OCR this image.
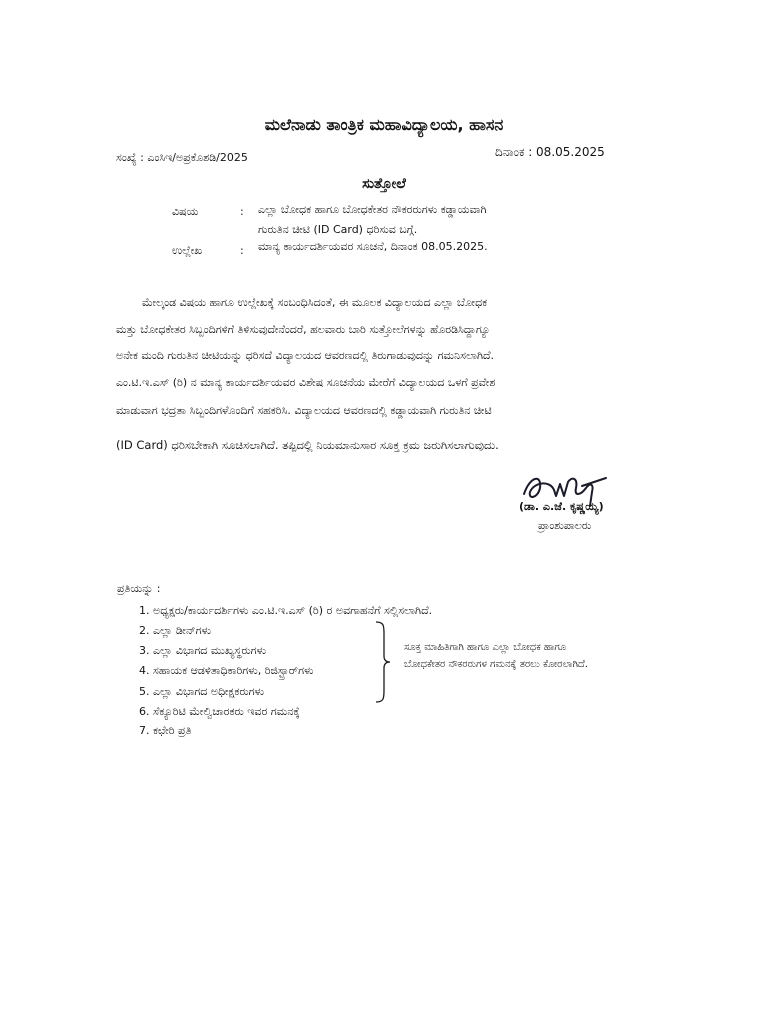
ಮಲೆನಾಡು ತಾಂತ್ರಿಕ ಮಹಾವಿದ್ಯಾಲಯ, ಹಾಸನ
ಸಂಖ್ಯೆ : ಎಂಸಿಇ/ಅಪ್ರಕೊಶಡಿ/2025	ದಿನಾಂಕ : 08.05.2025
ಸುತ್ತೋಲೆ
ವಿಷಯ	: ಎಲ್ಲಾ ಬೋಧಕ ಹಾಗೂ ಬೋಧಕೇತರ ನೌಕರರುಗಳು ಕಡ್ಡಾಯವಾಗಿ
ಗುರುತಿನ ಚೀಟಿ (ID Card) ಧರಿಸುವ ಬಗ್ಗೆ.
ಉಲ್ಲೇಖ	: ಮಾನ್ಯ ಕಾರ್ಯದರ್ಶಿಯವರ ಸೂಚನೆ, ದಿನಾಂಕ 08.05.2025.
ಮೇಲ್ಕಂಡ ವಿಷಯ ಹಾಗೂ ಉಲ್ಲೇಖಕ್ಕೆ ಸಂಬಂಧಿಸಿದಂತೆ, ಈ ಮೂಲಕ ವಿದ್ಯಾಲಯದ ಎಲ್ಲಾ ಬೋಧಕ
ಮತ್ತು ಬೋಧಕೇತರ ಸಿಬ್ಬಂದಿಗಳಿಗೆ ತಿಳಿಸುವುದೇನೆಂದರೆ, ಹಲವಾರು ಬಾರಿ ಸುತ್ತೋಲೆಗಳನ್ನು ಹೊರಡಿಸಿದ್ದಾಗ್ಯೂ
ಅನೇಕ ಮಂದಿ ಗುರುತಿನ ಚೀಟಿಯನ್ನು ಧರಿಸದೆ ವಿದ್ಯಾಲಯದ ಆವರಣದಲ್ಲಿ ತಿರುಗಾಡುವುದನ್ನು ಗಮನಿಸಲಾಗಿದೆ.
ಎಂ.ಟಿ.ಇ.ಎಸ್ (ರಿ) ನ ಮಾನ್ಯ ಕಾರ್ಯದರ್ಶಿಯವರ ವಿಶೇಷ ಸೂಚನೆಯ ಮೇರೆಗೆ ವಿದ್ಯಾಲಯದ ಒಳಗೆ ಪ್ರವೇಶ
ಮಾಡುವಾಗ ಭದ್ರತಾ ಸಿಬ್ಬಂದಿಗಳೊಂದಿಗೆ ಸಹಕರಿಸಿ. ವಿದ್ಯಾಲಯದ ಆವರಣದಲ್ಲಿ ಕಡ್ಡಾಯವಾಗಿ ಗುರುತಿನ ಚೀಟಿ
(ID Card) ಧರಿಸಬೇಕಾಗಿ ಸೂಚಿಸಲಾಗಿದೆ. ತಪ್ಪಿದಲ್ಲಿ ನಿಯಮಾನುಸಾರ ಸೂಕ್ತ ಕ್ರಮ ಜರುಗಿಸಲಾಗುವುದು.
(ಡಾ. ಎ.ಜೆ. ಕೃಷ್ಣಯ್ಯ)
ಪ್ರಾಂಶುಪಾಲರು
ಪ್ರತಿಯನ್ನು :
1. ಅಧ್ಯಕ್ಷರು/ಕಾರ್ಯದರ್ಶಿಗಳು ಎಂ.ಟಿ.ಇ.ಎಸ್ (ರಿ) ರ ಅವಗಾಹನೆಗೆ ಸಲ್ಲಿಸಲಾಗಿದೆ.
2. ಎಲ್ಲಾ ಡೀನ್‌ಗಳು
3. ಎಲ್ಲಾ ವಿಭಾಗದ ಮುಖ್ಯಸ್ಥರುಗಳು
4. ಸಹಾಯಕ ಆಡಳಿತಾಧಿಕಾರಿಗಳು, ರಿಜಿಸ್ಟ್ರಾರ್‌ಗಳು
5. ಎಲ್ಲಾ ವಿಭಾಗದ ಅಧೀಕ್ಷಕರುಗಳು
6. ಸೆಕ್ಯೂರಿಟಿ ಮೇಲ್ವಿಚಾರಕರು ಇವರ ಗಮನಕ್ಕೆ
7. ಕಛೇರಿ ಪ್ರತಿ
ಸೂಕ್ತ ಮಾಹಿತಿಗಾಗಿ ಹಾಗೂ ಎಲ್ಲಾ ಬೋಧಕ ಹಾಗೂ
ಬೋಧಕೇತರ ನೌಕರರುಗಳ ಗಮನಕ್ಕೆ ತರಲು ಕೋರಲಾಗಿದೆ.
